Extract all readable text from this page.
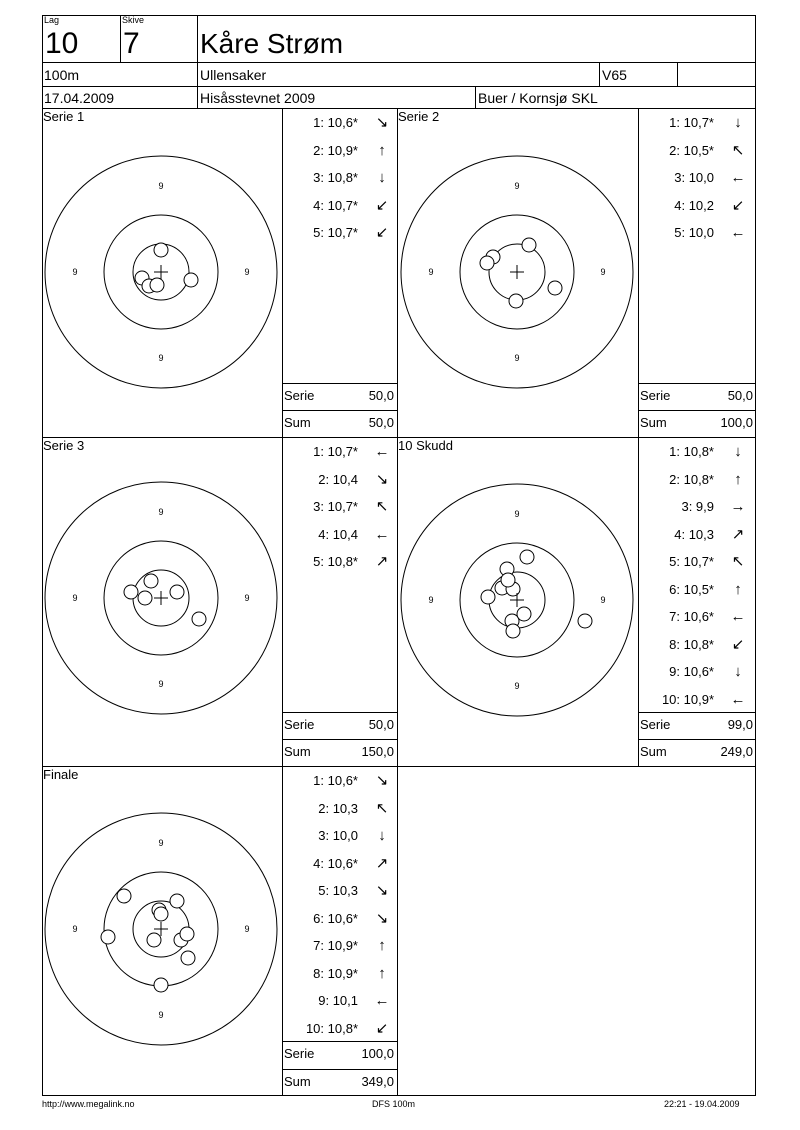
Lag
10
Skive
7 Kåre Strøm
100m	Ullensaker	V65
17.04.2009	Hisåsstevnet 2009	Buer / Kornsjø SKL
Serie 1
9
9
9
9
1: 10,6* ↘
2: 10,9*	↑
3: 10,8*	↓
4: 10,7* ↙
5: 10,7* ↙
Serie	50,0
Sum	50,0
Serie 2
9
9
9
9
1: 10,7*	↓
2: 10,5* ↖
3: 10,0 ←
4: 10,2 ↙
5: 10,0 ←
Serie	50,0
Sum	100,0
Serie 3
9
9
9
9
1: 10,7* ←
2: 10,4 ↘
3: 10,7* ↖
4: 10,4 ←
5: 10,8* ↗
Serie	50,0
Sum	150,0
10 Skudd
9
9
9
9
1: 10,8*	↓
2: 10,8*	↑
3: 9,9 →
4: 10,3 ↗
5: 10,7* ↖
6: 10,5*	↑
7: 10,6* ←
8: 10,8* ↙
9: 10,6*	↓
10: 10,9* ←
Serie	99,0
Sum	249,0
Finale
9
9
9
9
1: 10,6* ↘
2: 10,3 ↖
3: 10,0	↓
4: 10,6* ↗
5: 10,3 ↘
6: 10,6* ↘
7: 10,9*	↑
8: 10,9*	↑
9: 10,1 ←
10: 10,8* ↙
Serie	100,0
Sum	349,0
http://www.megalink.no	DFS 100m	22:21 - 19.04.2009
